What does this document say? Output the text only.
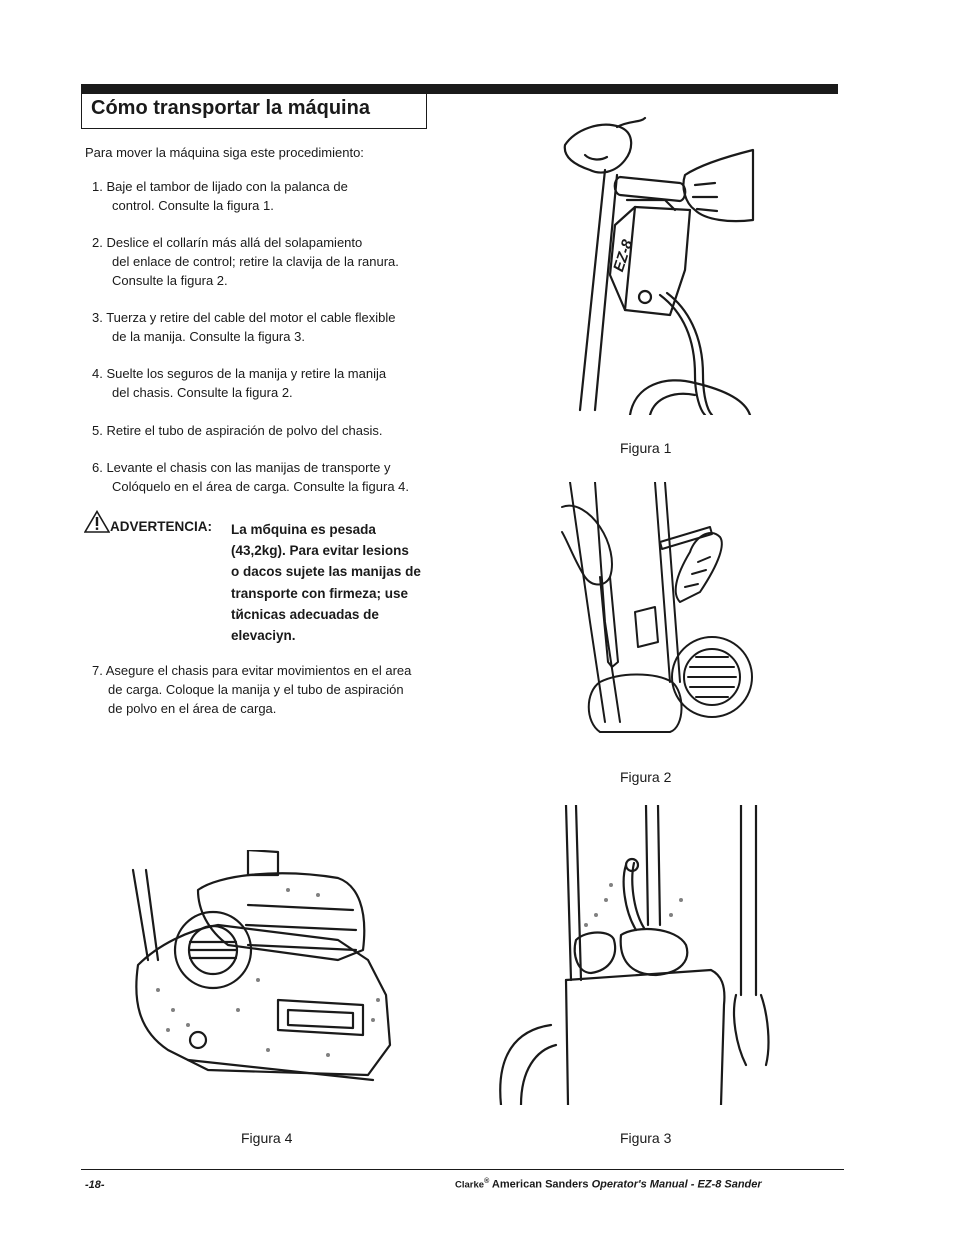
Cómo transportar la máquina
Para mover la máquina siga este procedimiento:
1. Baje el tambor de lijado con la palanca de
control. Consulte la figura 1.
2. Deslice el collarín más allá del solapamiento
del enlace de control; retire la clavija de la ranura.
Consulte la figura 2.
3. Tuerza y retire del cable del motor el cable flexible
de la manija. Consulte la figura 3.
4. Suelte los seguros de la manija y retire la manija
del chasis. Consulte la figura 2.
5. Retire el tubo de aspiración de polvo del chasis.
6. Levante el chasis con las manijas de transporte y
Colóquelo en el área de carga. Consulte la figura 4.
ADVERTENCIA: La mбquina es pesada
(43,2kg). Para evitar lesions
o dacos sujete las manijas de
transporte con firmeza; use
tйcnicas adecuadas de
elevaciуn.
7. Asegure el chasis para evitar movimientos en el area
de carga. Coloque la manija y el tubo de aspiración
de polvo en el área de carga.
EZ-8
Figura 1
Figura 2
Figura 4	Figura 3
-18-	Clarke® American Sanders Operator's Manual - EZ-8 Sander
